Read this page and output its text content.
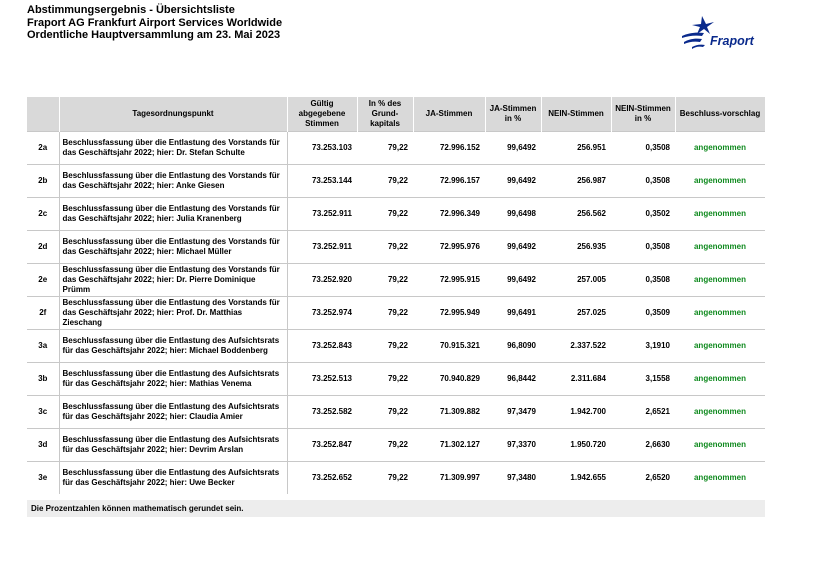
Abstimmungsergebnis - Übersichtsliste
Fraport AG Frankfurt Airport Services Worldwide
Ordentliche Hauptversammlung am 23. Mai 2023	Fraport
	Tagesordnungspunkt	Gültig abgegebene Stimmen	In % des Grund-kapitals	JA-Stimmen	JA-Stimmen in %	NEIN-Stimmen	NEIN-Stimmen in %	Beschluss-vorschlag
2a	Beschlussfassung über die Entlastung des Vorstands für das Geschäftsjahr 2022; hier: Dr. Stefan Schulte	73.253.103	79,22	72.996.152	99,6492	256.951	0,3508	angenommen
2b	Beschlussfassung über die Entlastung des Vorstands für das Geschäftsjahr 2022; hier: Anke Giesen	73.253.144	79,22	72.996.157	99,6492	256.987	0,3508	angenommen
2c	Beschlussfassung über die Entlastung des Vorstands für das Geschäftsjahr 2022; hier: Julia Kranenberg	73.252.911	79,22	72.996.349	99,6498	256.562	0,3502	angenommen
2d	Beschlussfassung über die Entlastung des Vorstands für das Geschäftsjahr 2022; hier: Michael Müller	73.252.911	79,22	72.995.976	99,6492	256.935	0,3508	angenommen
2e	Beschlussfassung über die Entlastung des Vorstands für das Geschäftsjahr 2022; hier: Dr. Pierre Dominique Prümm	73.252.920	79,22	72.995.915	99,6492	257.005	0,3508	angenommen
2f	Beschlussfassung über die Entlastung des Vorstands für das Geschäftsjahr 2022; hier: Prof. Dr. Matthias Zieschang	73.252.974	79,22	72.995.949	99,6491	257.025	0,3509	angenommen
3a	Beschlussfassung über die Entlastung des Aufsichtsrats für das Geschäftsjahr 2022; hier: Michael Boddenberg	73.252.843	79,22	70.915.321	96,8090	2.337.522	3,1910	angenommen
3b	Beschlussfassung über die Entlastung des Aufsichtsrats für das Geschäftsjahr 2022; hier: Mathias Venema	73.252.513	79,22	70.940.829	96,8442	2.311.684	3,1558	angenommen
3c	Beschlussfassung über die Entlastung des Aufsichtsrats für das Geschäftsjahr 2022; hier: Claudia Amier	73.252.582	79,22	71.309.882	97,3479	1.942.700	2,6521	angenommen
3d	Beschlussfassung über die Entlastung des Aufsichtsrats für das Geschäftsjahr 2022; hier: Devrim Arslan	73.252.847	79,22	71.302.127	97,3370	1.950.720	2,6630	angenommen
3e	Beschlussfassung über die Entlastung des Aufsichtsrats für das Geschäftsjahr 2022; hier: Uwe Becker	73.252.652	79,22	71.309.997	97,3480	1.942.655	2,6520	angenommen
Die Prozentzahlen können mathematisch gerundet sein.
